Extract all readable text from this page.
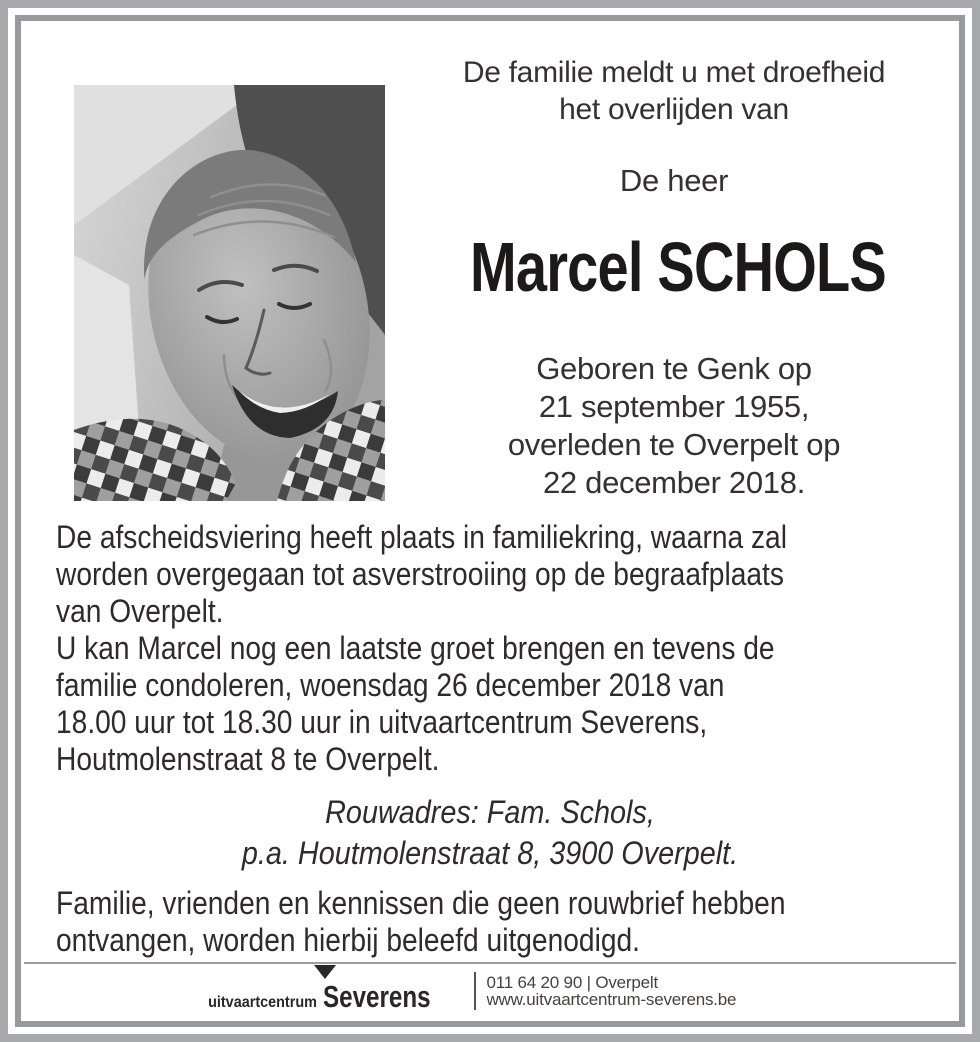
De familie meldt u met droefheid
het overlijden van
De heer
Marcel SCHOLS
Geboren te Genk op
21 september 1955,
overleden te Overpelt op
22 december 2018.
De afscheidsviering heeft plaats in familiekring, waarna zal
worden overgegaan tot asverstrooiing op de begraafplaats
van Overpelt.
U kan Marcel nog een laatste groet brengen en tevens de
familie condoleren, woensdag 26 december 2018 van
18.00 uur tot 18.30 uur in uitvaartcentrum Severens,
Houtmolenstraat 8 te Overpelt.
Rouwadres: Fam. Schols,
p.a. Houtmolenstraat 8, 3900 Overpelt.
Familie, vrienden en kennissen die geen rouwbrief hebben
ontvangen, worden hierbij beleefd uitgenodigd.
uitvaartcentrum Severens	011 64 20 90 | Overpelt
www.uitvaartcentrum-severens.be
